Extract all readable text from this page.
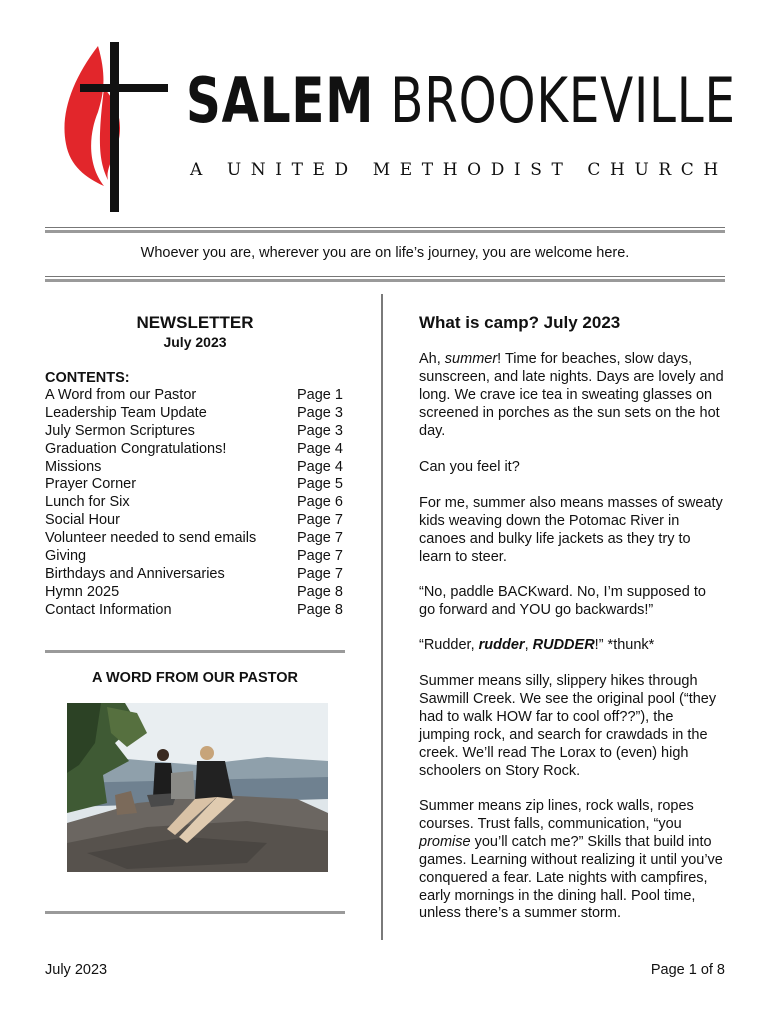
SALEM BROOKEVILLE
A UNITED METHODIST CHURCH
Whoever you are, wherever you are on life’s journey, you are welcome here.
NEWSLETTER
July 2023
CONTENTS:
A Word from our Pastor	Page 1
Leadership Team Update	Page 3
July Sermon Scriptures	Page 3
Graduation Congratulations!	Page 4
Missions	Page 4
Prayer Corner	Page 5
Lunch for Six	Page 6
Social Hour	Page 7
Volunteer needed to send emails	Page 7
Giving	Page 7
Birthdays and Anniversaries	Page 7
Hymn 2025	Page 8
Contact Information	Page 8
A WORD FROM OUR PASTOR
What is camp? July 2023

Ah, summer! Time for beaches, slow days, sunscreen, and late nights. Days are lovely and long. We crave ice tea in sweating glasses on screened in porches as the sun sets on the hot day.

Can you feel it?

For me, summer also means masses of sweaty kids weaving down the Potomac River in canoes and bulky life jackets as they try to learn to steer.

“No, paddle BACKward. No, I’m supposed to go forward and YOU go backwards!”

“Rudder, rudder, RUDDER!” *thunk*

Summer means silly, slippery hikes through Sawmill Creek. We see the original pool (“they had to walk HOW far to cool off??”), the jumping rock, and search for crawdads in the creek. We’ll read The Lorax to (even) high schoolers on Story Rock.

Summer means zip lines, rock walls, ropes courses. Trust falls, communication, “you promise you’ll catch me?” Skills that build into games. Learning without realizing it until you’ve conquered a fear. Late nights with campfires, early mornings in the dining hall. Pool time, unless there’s a summer storm.

July 2023	Page 1 of 8
